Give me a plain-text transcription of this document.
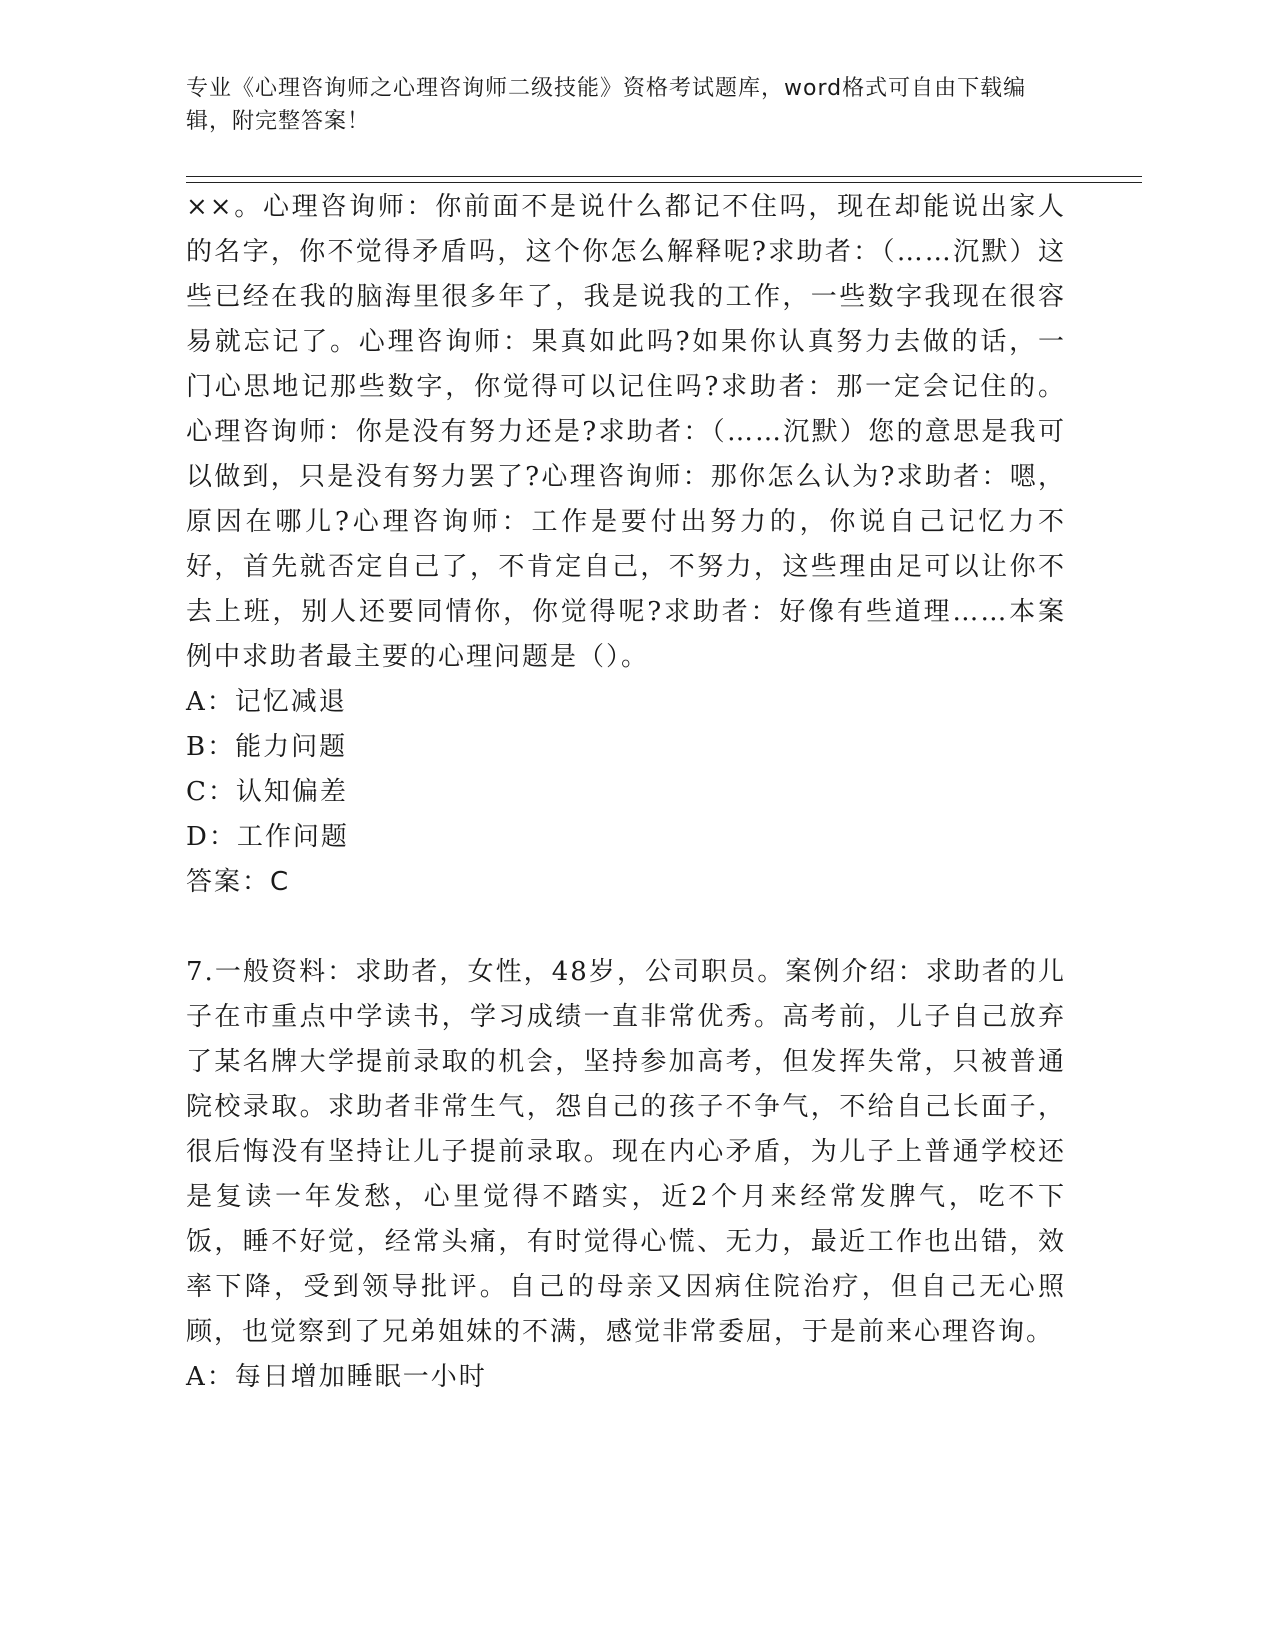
专业《心理咨询师之心理咨询师二级技能》资格考试题库，word格式可自由下载编辑，附完整答案！

××。心理咨询师：你前面不是说什么都记不住吗，现在却能说出家人的名字，你不觉得矛盾吗，这个你怎么解释呢?求助者：（……沉默）这些已经在我的脑海里很多年了，我是说我的工作，一些数字我现在很容易就忘记了。心理咨询师：果真如此吗?如果你认真努力去做的话，一门心思地记那些数字，你觉得可以记住吗?求助者：那一定会记住的。心理咨询师：你是没有努力还是?求助者：（……沉默）您的意思是我可以做到，只是没有努力罢了?心理咨询师：那你怎么认为?求助者：嗯，原因在哪儿?心理咨询师：工作是要付出努力的，你说自己记忆力不好，首先就否定自己了，不肯定自己，不努力，这些理由足可以让你不去上班，别人还要同情你，你觉得呢?求助者：好像有些道理……本案例中求助者最主要的心理问题是（）。

A：记忆减退

B：能力问题

C：认知偏差

D：工作问题

答案：C

7.一般资料：求助者，女性，48岁，公司职员。案例介绍：求助者的儿子在市重点中学读书，学习成绩一直非常优秀。高考前，儿子自己放弃了某名牌大学提前录取的机会，坚持参加高考，但发挥失常，只被普通院校录取。求助者非常生气，怨自己的孩子不争气，不给自己长面子，很后悔没有坚持让儿子提前录取。现在内心矛盾，为儿子上普通学校还是复读一年发愁，心里觉得不踏实，近2个月来经常发脾气，吃不下饭，睡不好觉，经常头痛，有时觉得心慌、无力，最近工作也出错，效率下降，受到领导批评。自己的母亲又因病住院治疗，但自己无心照顾，也觉察到了兄弟姐妹的不满，感觉非常委屈，于是前来心理咨询。

A：每日增加睡眠一小时
